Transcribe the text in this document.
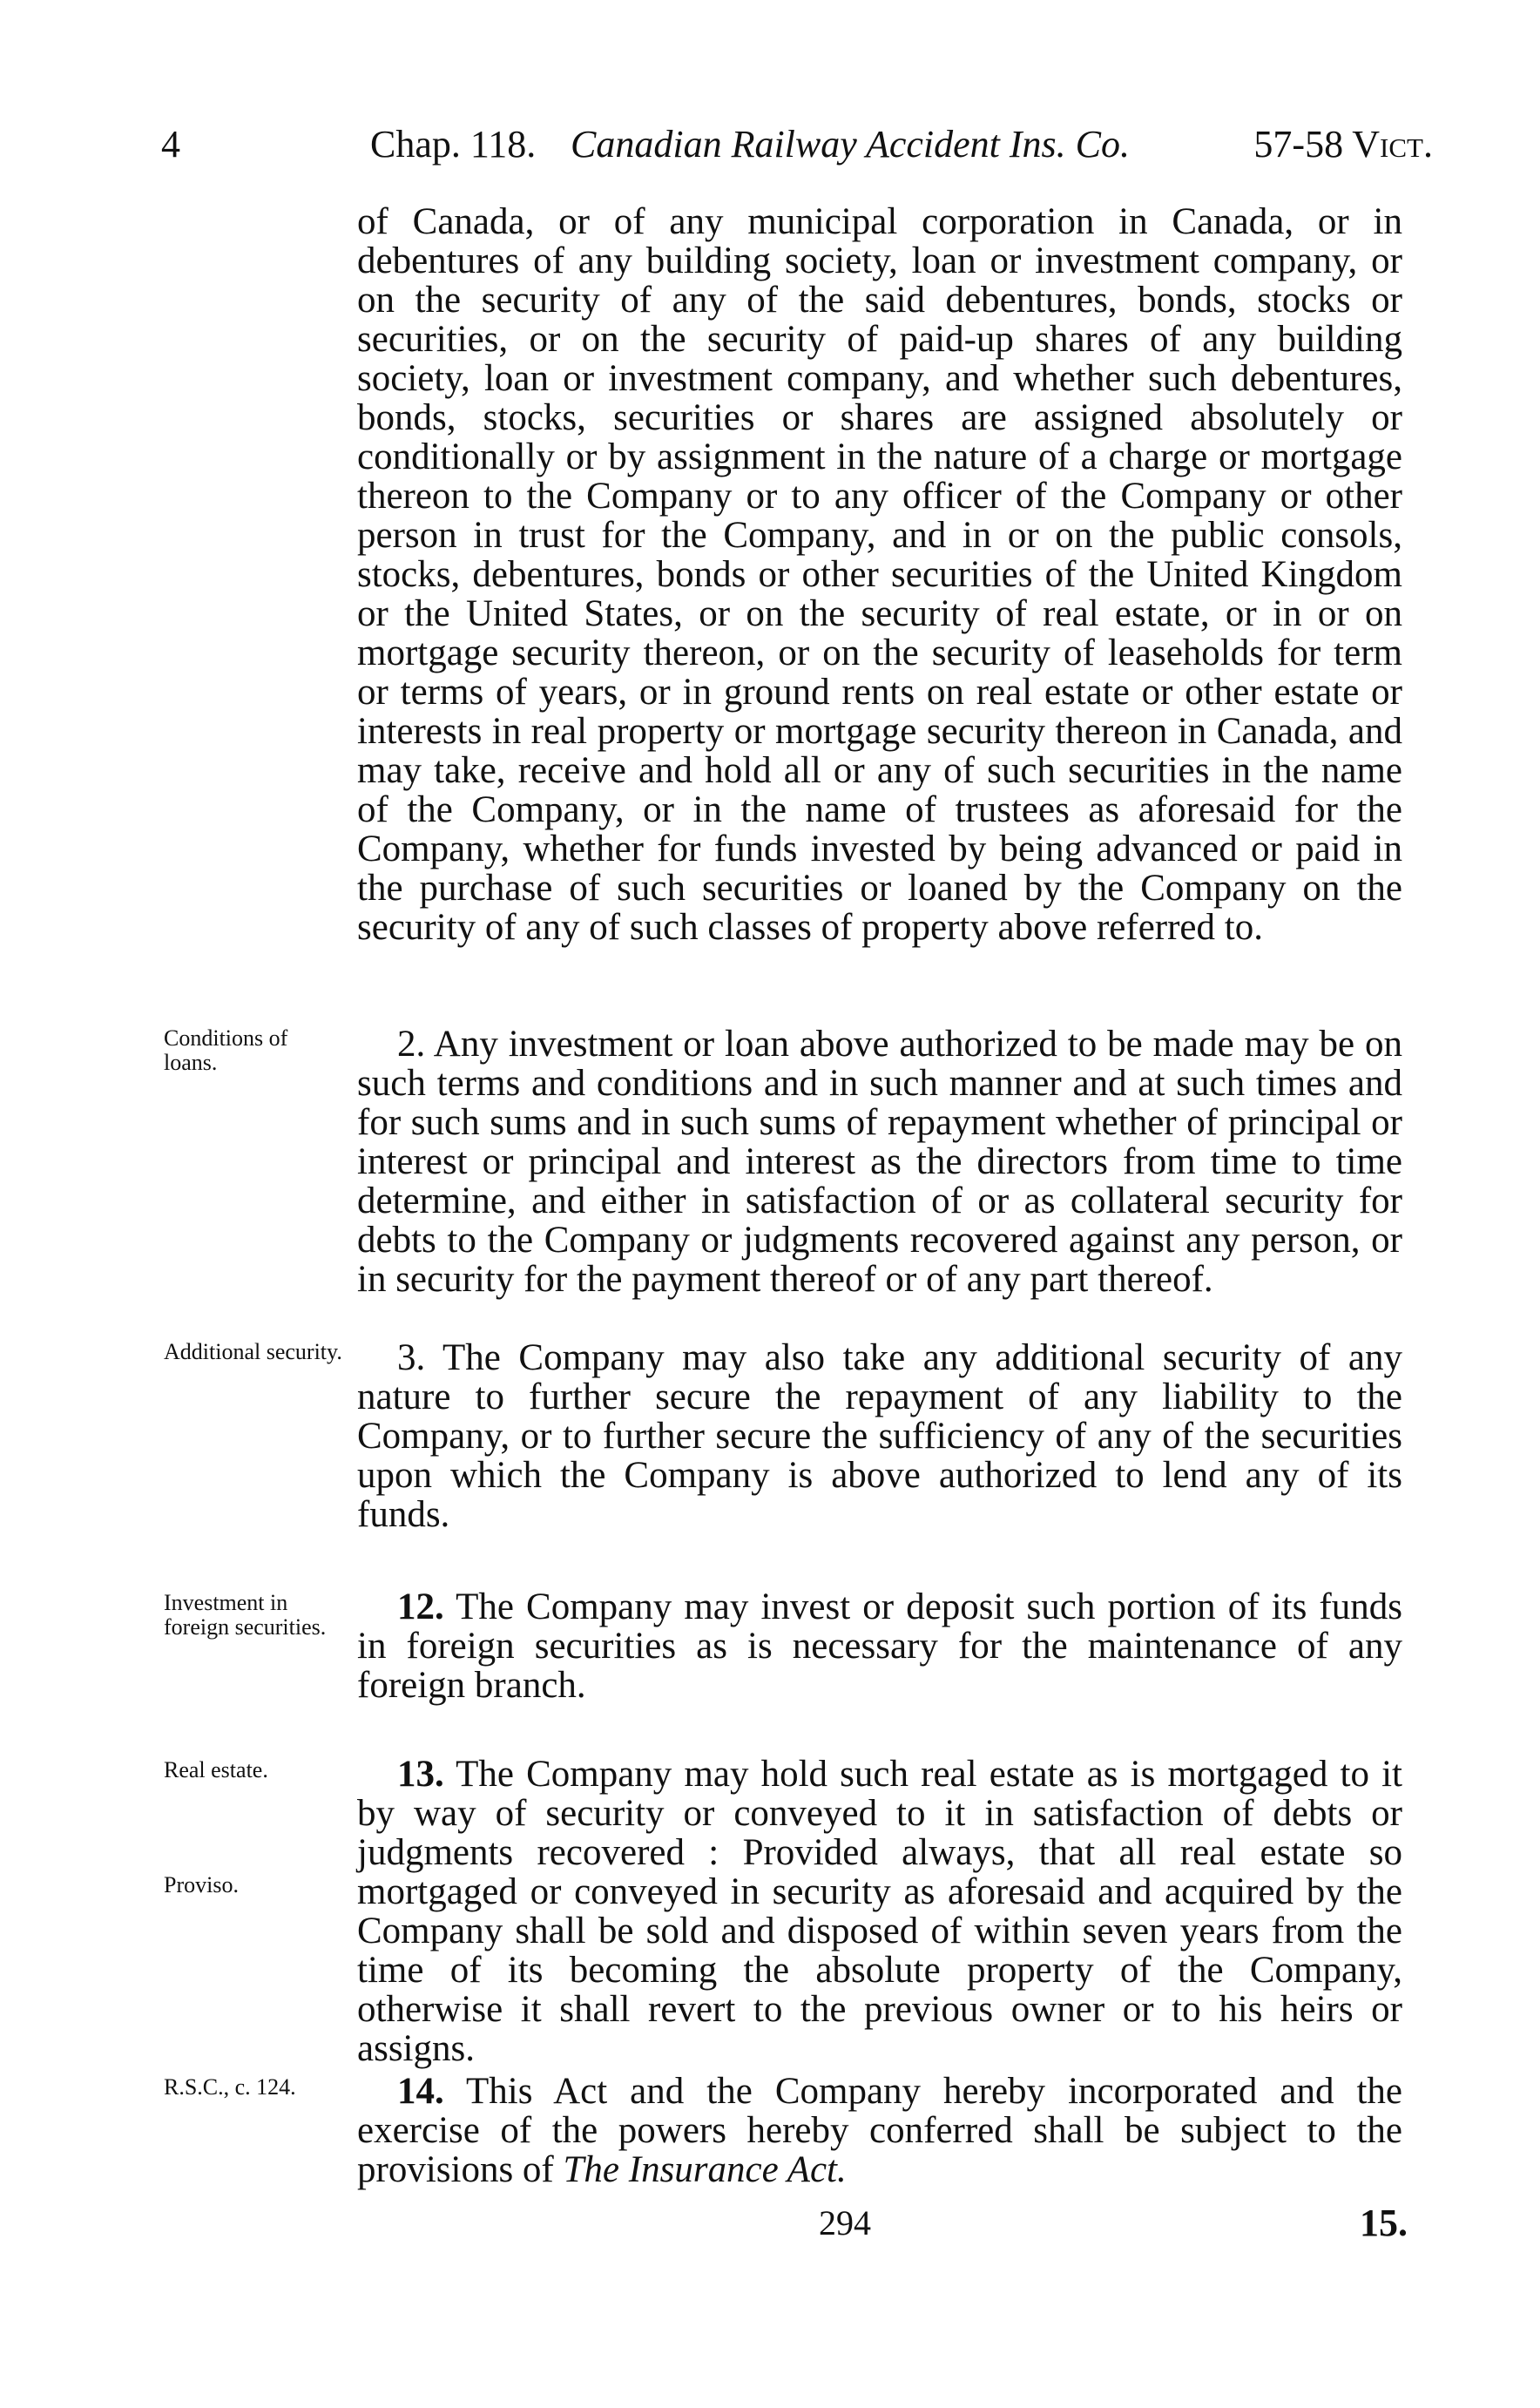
4	Chap. 118. Canadian Railway Accident Ins. Co.	57-58 Vict.

of Canada, or of any municipal corporation in Canada, or in debentures of any building society, loan or investment company, or on the security of any of the said debentures, bonds, stocks or securities, or on the security of paid-up shares of any building society, loan or investment company, and whether such debentures, bonds, stocks, securities or shares are assigned absolutely or conditionally or by assignment in the nature of a charge or mortgage thereon to the Company or to any officer of the Company or other person in trust for the Company, and in or on the public consols, stocks, debentures, bonds or other securities of the United Kingdom or the United States, or on the security of real estate, or in or on mortgage security thereon, or on the security of leaseholds for term or terms of years, or in ground rents on real estate or other estate or interests in real property or mortgage security thereon in Canada, and may take, receive and hold all or any of such securities in the name of the Company, or in the name of trustees as aforesaid for the Company, whether for funds invested by being advanced or paid in the purchase of such securities or loaned by the Company on the security of any of such classes of property above referred to.

Conditions of loans.	2. Any investment or loan above authorized to be made may be on such terms and conditions and in such manner and at such times and for such sums and in such sums of repayment whether of principal or interest or principal and interest as the directors from time to time determine, and either in satisfaction of or as collateral security for debts to the Company or judgments recovered against any person, or in security for the payment thereof or of any part thereof.

Additional security.	3. The Company may also take any additional security of any nature to further secure the repayment of any liability to the Company, or to further secure the sufficiency of any of the securities upon which the Company is above authorized to lend any of its funds.

Investment in foreign securities.	12. The Company may invest or deposit such portion of its funds in foreign securities as is necessary for the maintenance of any foreign branch.

Real estate.
Proviso.

13. The Company may hold such real estate as is mortgaged to it by way of security or conveyed to it in satisfaction of debts or judgments recovered : Provided always, that all real estate so mortgaged or conveyed in security as aforesaid and acquired by the Company shall be sold and disposed of within seven years from the time of its becoming the absolute property of the Company, otherwise it shall revert to the previous owner or to his heirs or assigns.

R.S.C., c. 124.	14. This Act and the Company hereby incorporated and the exercise of the powers hereby conferred shall be subject to the provisions of The Insurance Act.

294	15.
